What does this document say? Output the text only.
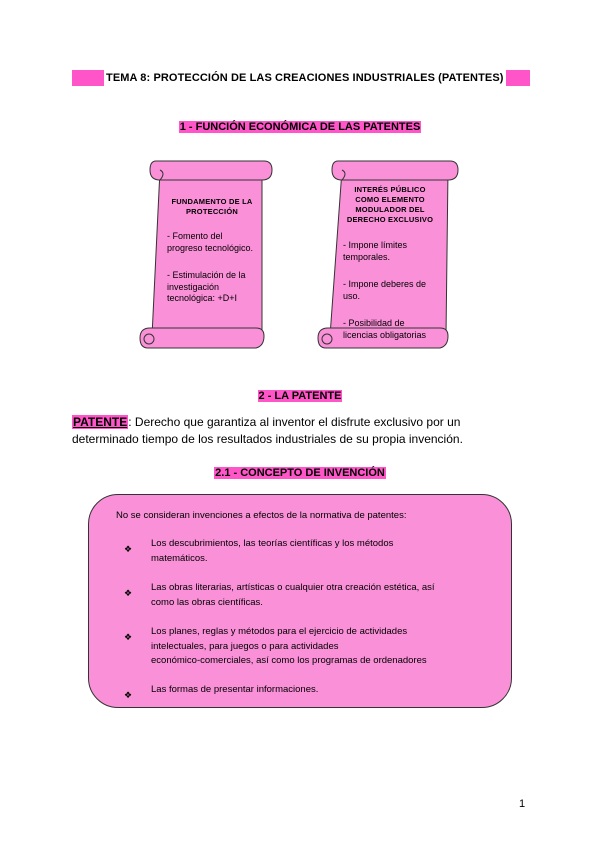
TEMA 8: PROTECCIÓN DE LAS CREACIONES INDUSTRIALES (PATENTES)
1 - FUNCIÓN ECONÓMICA DE LAS PATENTES
FUNDAMENTO DE LA
PROTECCIÓN
- Fomento del
progreso tecnológico.
- Estimulación de la
investigación
tecnológica: +D+I
INTERÉS PÚBLICO
COMO ELEMENTO
MODULADOR DEL
DERECHO EXCLUSIVO
- Impone límites
temporales.
- Impone deberes de
uso.
- Posibilidad de
licencias obligatorias
2 - LA PATENTE
PATENTE: Derecho que garantiza al inventor el disfrute exclusivo por un
determinado tiempo de los resultados industriales de su propia invención.
2.1 - CONCEPTO DE INVENCIÓN
No se consideran invenciones a efectos de la normativa de patentes:
❖ Los descubrimientos, las teorías científicas y los métodos
matemáticos.
❖ Las obras literarias, artísticas o cualquier otra creación estética, así
como las obras científicas.
❖ Los planes, reglas y métodos para el ejercicio de actividades
intelectuales, para juegos o para actividades
económico-comerciales, así como los programas de ordenadores
❖ Las formas de presentar informaciones.
1
